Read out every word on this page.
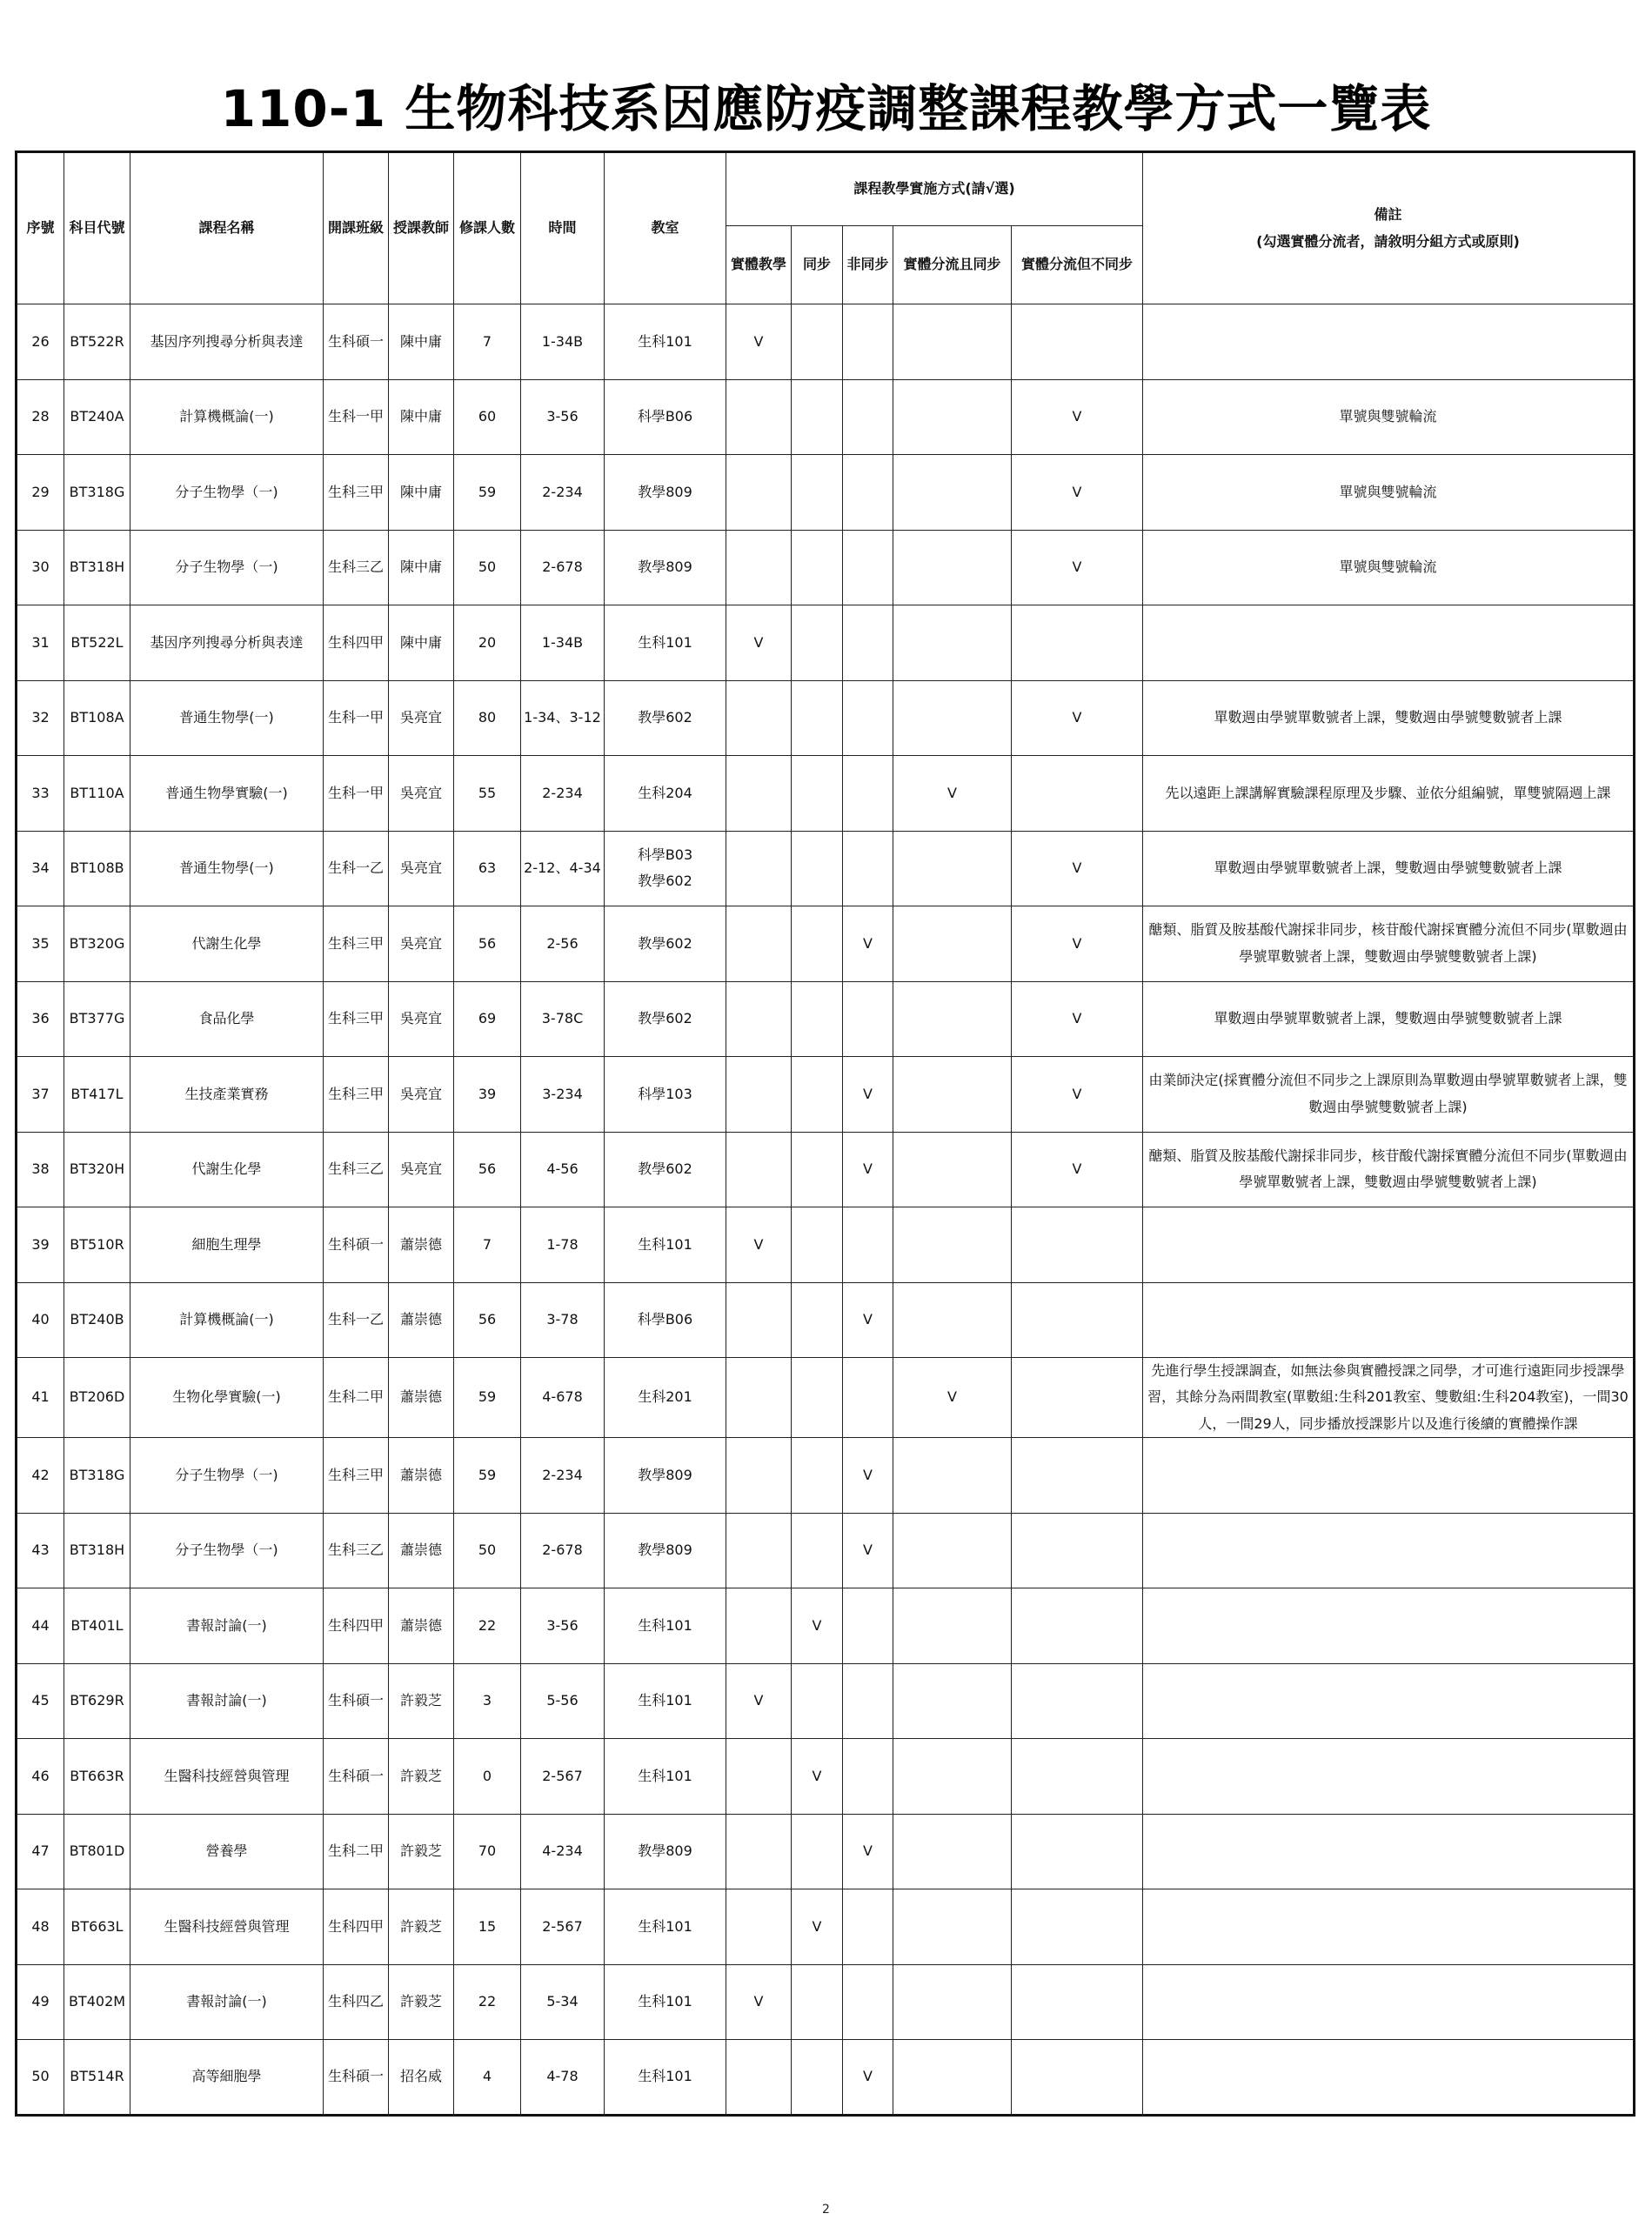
110-1 生物科技系因應防疫調整課程教學方式一覽表
序號	科目代號	課程名稱	開課班級	授課教師	修課人數	時間	教室	課程教學實施方式(請√選)					備註
(勾選實體分流者，請敘明分組方式或原則)

								實體教學	同步	非同步	實體分流且同步	實體分流但不同步	
26	BT522R	基因序列搜尋分析與表達	生科碩一	陳中庸	7	1-34B	生科101	V					
28	BT240A	計算機概論(一)	生科一甲	陳中庸	60	3-56	科學B06					V	單號與雙號輪流
29	BT318G	分子生物學（一)	生科三甲	陳中庸	59	2-234	教學809					V	單號與雙號輪流
30	BT318H	分子生物學（一)	生科三乙	陳中庸	50	2-678	教學809					V	單號與雙號輪流
31	BT522L	基因序列搜尋分析與表達	生科四甲	陳中庸	20	1-34B	生科101	V					
32	BT108A	普通生物學(一)	生科一甲	吳亮宜	80	1-34、3-12	教學602					V	單數週由學號單數號者上課，雙數週由學號雙數號者上課
33	BT110A	普通生物學實驗(一)	生科一甲	吳亮宜	55	2-234	生科204				V		先以遠距上課講解實驗課程原理及步驟、並依分組編號，單雙號隔週上課
34	BT108B	普通生物學(一)	生科一乙	吳亮宜	63	2-12、4-34	科學B03
教學602					V	單數週由學號單數號者上課，雙數週由學號雙數號者上課
35	BT320G	代謝生化學	生科三甲	吳亮宜	56	2-56	教學602			V		V	醣類、脂質及胺基酸代謝採非同步，核苷酸代謝採實體分流但不同步(單數週由學號單數號者上課，雙數週由學號雙數號者上課)
36	BT377G	食品化學	生科三甲	吳亮宜	69	3-78C	教學602					V	單數週由學號單數號者上課，雙數週由學號雙數號者上課
37	BT417L	生技產業實務	生科三甲	吳亮宜	39	3-234	科學103			V		V	由業師決定(採實體分流但不同步之上課原則為單數週由學號單數號者上課，雙數週由學號雙數號者上課)
38	BT320H	代謝生化學	生科三乙	吳亮宜	56	4-56	教學602			V		V	醣類、脂質及胺基酸代謝採非同步，核苷酸代謝採實體分流但不同步(單數週由學號單數號者上課，雙數週由學號雙數號者上課)
39	BT510R	細胞生理學	生科碩一	蕭崇德	7	1-78	生科101	V					
40	BT240B	計算機概論(一)	生科一乙	蕭崇德	56	3-78	科學B06			V			
41	BT206D	生物化學實驗(一)	生科二甲	蕭崇德	59	4-678	生科201				V		先進行學生授課調查，如無法參與實體授課之同學，才可進行遠距同步授課學習，其餘分為兩間教室(單數組:生科201教室、雙數組:生科204教室)，一間30人，一間29人，同步播放授課影片以及進行後續的實體操作課
42	BT318G	分子生物學（一)	生科三甲	蕭崇德	59	2-234	教學809			V			
43	BT318H	分子生物學（一)	生科三乙	蕭崇德	50	2-678	教學809			V			
44	BT401L	書報討論(一)	生科四甲	蕭崇德	22	3-56	生科101		V				
45	BT629R	書報討論(一)	生科碩一	許毅芝	3	5-56	生科101	V					
46	BT663R	生醫科技經營與管理	生科碩一	許毅芝	0	2-567	生科101		V				
47	BT801D	營養學	生科二甲	許毅芝	70	4-234	教學809			V			
48	BT663L	生醫科技經營與管理	生科四甲	許毅芝	15	2-567	生科101		V				
49	BT402M	書報討論(一)	生科四乙	許毅芝	22	5-34	生科101	V					
50	BT514R	高等細胞學	生科碩一	招名威	4	4-78	生科101			V			
2
